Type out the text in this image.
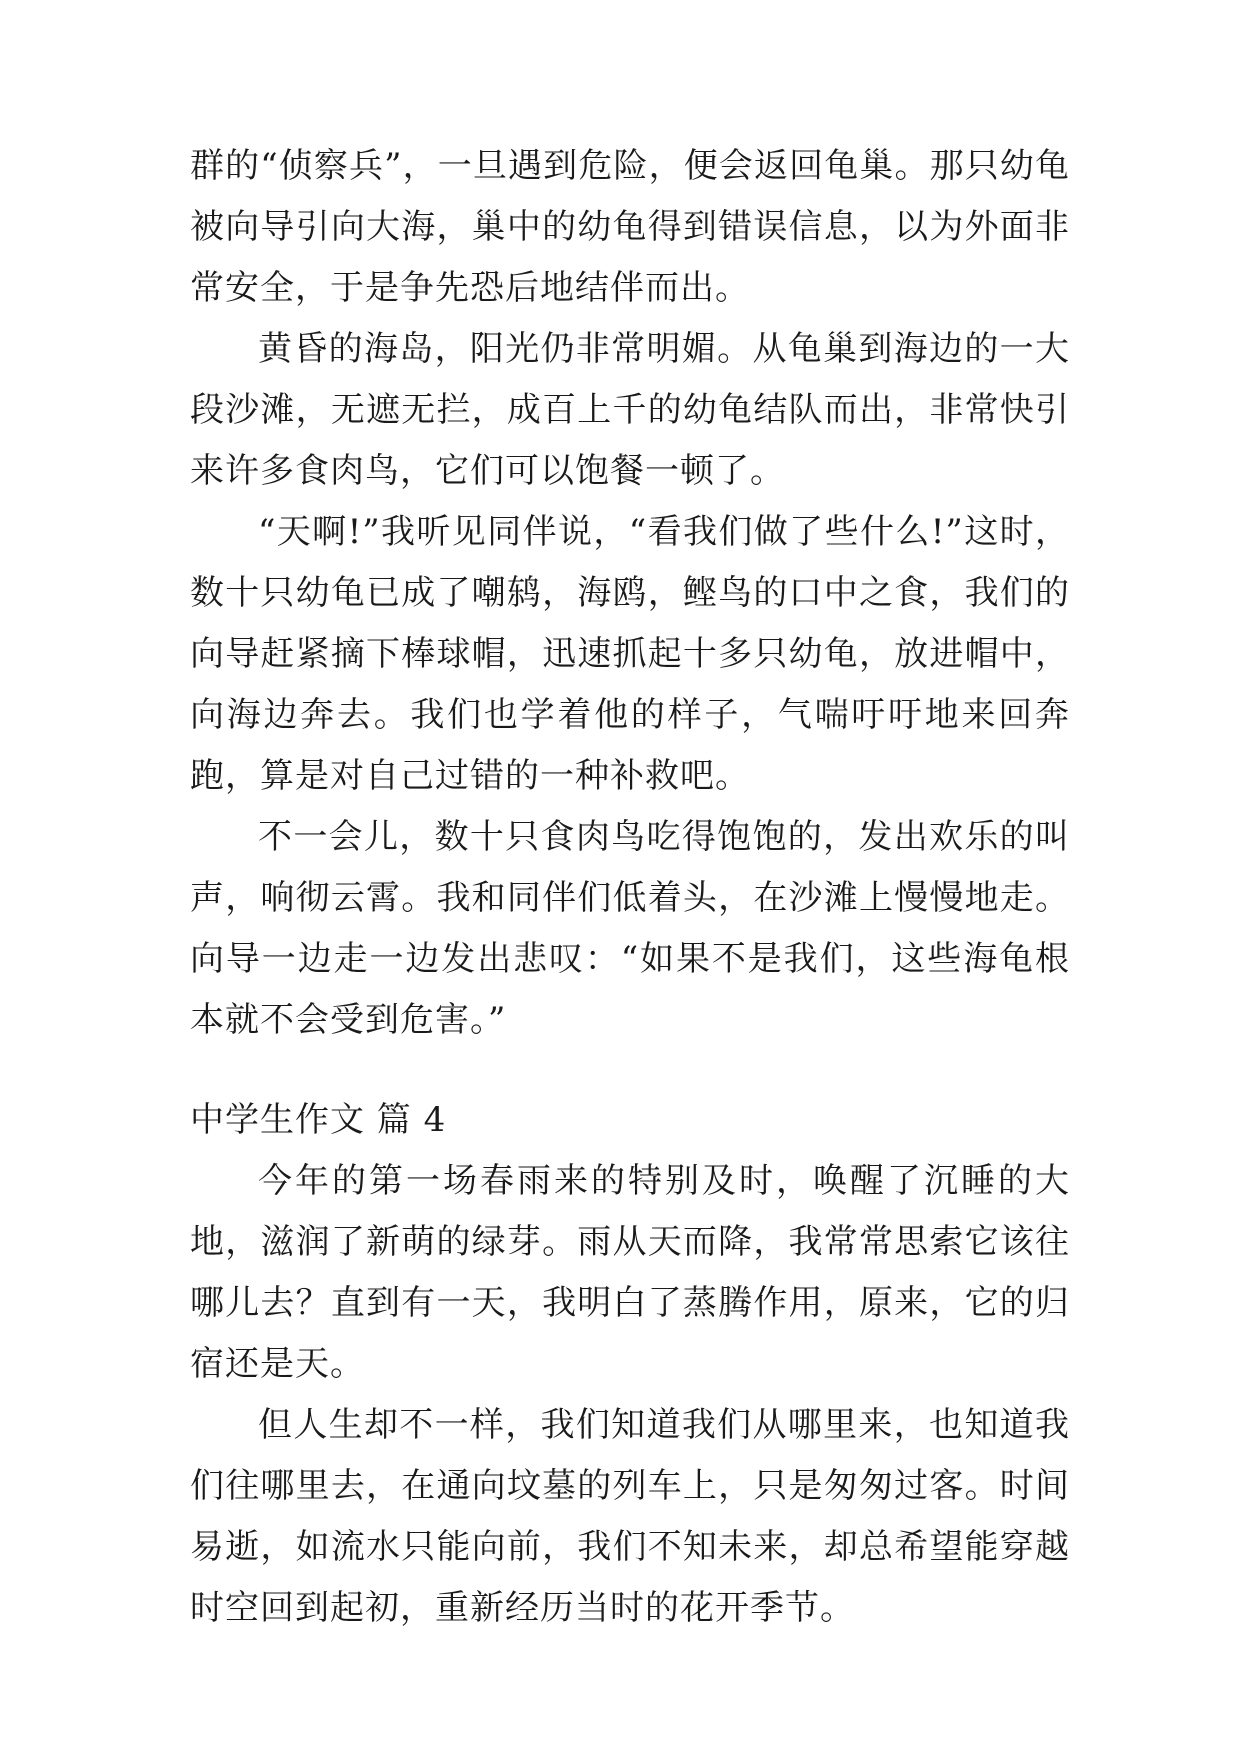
群的“侦察兵”，一旦遇到危险，便会返回龟巢。那只幼龟被向导引向大海，巢中的幼龟得到错误信息，以为外面非常安全，于是争先恐后地结伴而出。

黄昏的海岛，阳光仍非常明媚。从龟巢到海边的一大段沙滩，无遮无拦，成百上千的幼龟结队而出，非常快引来许多食肉鸟，它们可以饱餐一顿了。

“天啊!”我听见同伴说，“看我们做了些什么!”这时，数十只幼龟已成了嘲鸫，海鸥，鲣鸟的口中之食，我们的向导赶紧摘下棒球帽，迅速抓起十多只幼龟，放进帽中，向海边奔去。我们也学着他的样子，气喘吁吁地来回奔跑，算是对自己过错的一种补救吧。

不一会儿，数十只食肉鸟吃得饱饱的，发出欢乐的叫声，响彻云霄。我和同伴们低着头，在沙滩上慢慢地走。向导一边走一边发出悲叹：“如果不是我们，这些海龟根本就不会受到危害。”

中学生作文 篇 4

今年的第一场春雨来的特别及时，唤醒了沉睡的大地，滋润了新萌的绿芽。雨从天而降，我常常思索它该往哪儿去？直到有一天，我明白了蒸腾作用，原来，它的归宿还是天。

但人生却不一样，我们知道我们从哪里来，也知道我们往哪里去，在通向坟墓的列车上，只是匆匆过客。时间易逝，如流水只能向前，我们不知未来，却总希望能穿越时空回到起初，重新经历当时的花开季节。
